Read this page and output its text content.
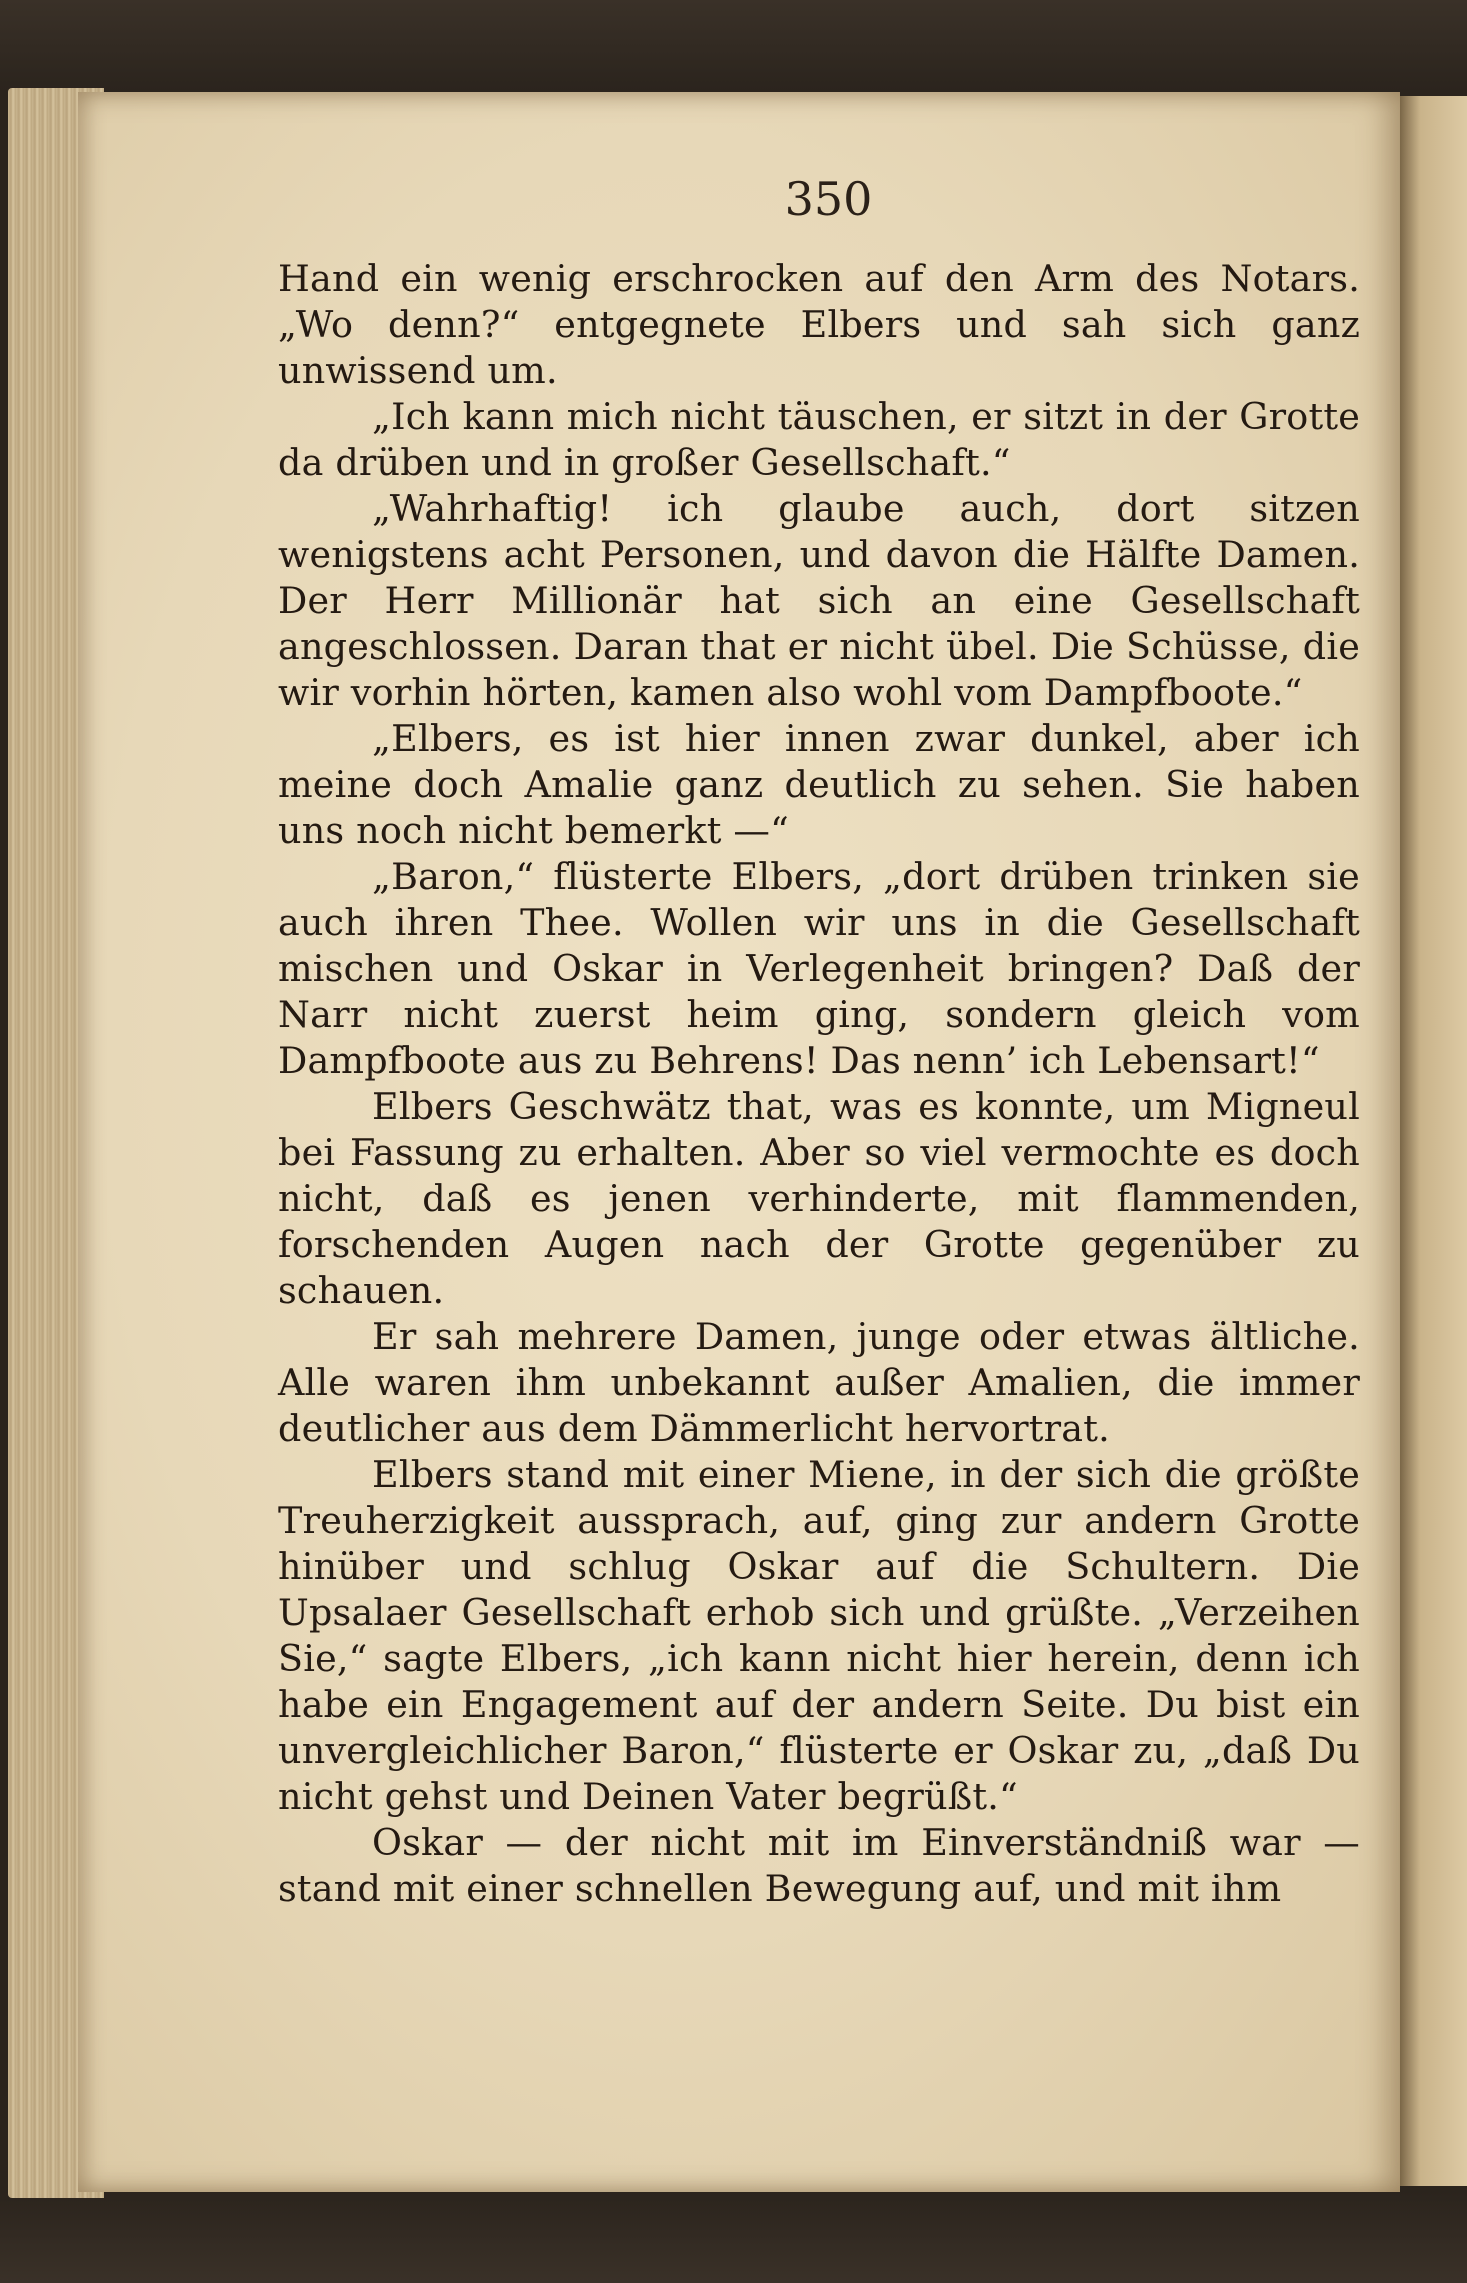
350

Hand ein wenig erschrocken auf den Arm des Notars. „Wo denn?“ entgegnete Elbers und sah sich ganz unwissend um.

„Ich kann mich nicht täuschen, er sitzt in der Grotte da drüben und in großer Gesellschaft.“

„Wahrhaftig! ich glaube auch, dort sitzen wenigstens acht Personen, und davon die Hälfte Damen. Der Herr Millionär hat sich an eine Gesellschaft angeschlossen. Daran that er nicht übel. Die Schüsse, die wir vorhin hörten, kamen also wohl vom Dampfboote.“

„Elbers, es ist hier innen zwar dunkel, aber ich meine doch Amalie ganz deutlich zu sehen. Sie haben uns noch nicht bemerkt —“

„Baron,“ flüsterte Elbers, „dort drüben trinken sie auch ihren Thee. Wollen wir uns in die Gesellschaft mischen und Oskar in Verlegenheit bringen? Daß der Narr nicht zuerst heim ging, sondern gleich vom Dampfboote aus zu Behrens! Das nenn’ ich Lebensart!“

Elbers Geschwätz that, was es konnte, um Migneul bei Fassung zu erhalten. Aber so viel vermochte es doch nicht, daß es jenen verhinderte, mit flammenden, forschenden Augen nach der Grotte gegenüber zu schauen.

Er sah mehrere Damen, junge oder etwas ältliche. Alle waren ihm unbekannt außer Amalien, die immer deutlicher aus dem Dämmerlicht hervortrat.

Elbers stand mit einer Miene, in der sich die größte Treuherzigkeit aussprach, auf, ging zur andern Grotte hinüber und schlug Oskar auf die Schultern. Die Upsalaer Gesellschaft erhob sich und grüßte. „Verzeihen Sie,“ sagte Elbers, „ich kann nicht hier herein, denn ich habe ein Engagement auf der andern Seite. Du bist ein unvergleichlicher Baron,“ flüsterte er Oskar zu, „daß Du nicht gehst und Deinen Vater begrüßt.“

Oskar — der nicht mit im Einverständniß war — stand mit einer schnellen Bewegung auf, und mit ihm
